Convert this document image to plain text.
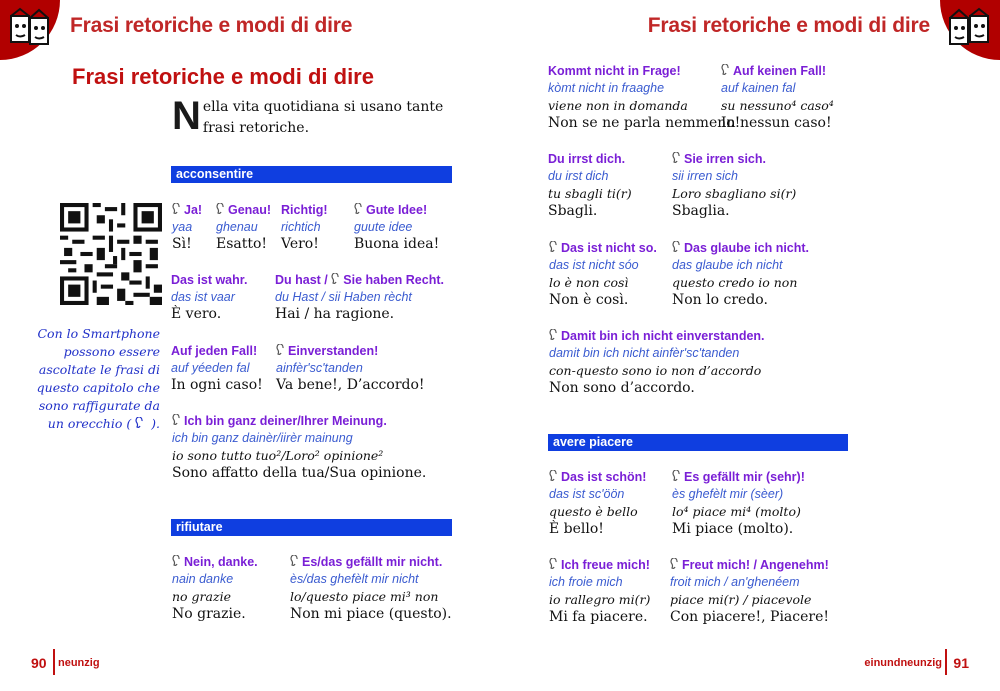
Frasi retoriche e modi di dire	Frasi retoriche e modi di dire
Frasi retoriche e modi di dire
Nella vita quotidiana si usano tante frasi retoriche.
acconsentire
Con lo Smartphone possono essere ascoltate le frasi di questo capitolo che sono raffigurate da un orecchio (  ).
Ja!
yaa
Sì!
Genau!
ghenau
Esatto!
Richtig!
richtich
Vero!
Gute Idee!
guute idee
Buona idea!
Das ist wahr.
das ist vaar
È vero.
Du hast / Sie haben Recht.
du Hast / sii Haben rècht
Hai / ha ragione.
Auf jeden Fall!
auf yéeden fal
In ogni caso!
Einverstanden!
ainfèr'sc'tanden
Va bene!, D’accordo!
Ich bin ganz deiner/Ihrer Meinung.
ich bin ganz dainèr/iirèr mainung
io sono tutto tuo²/Loro² opinione²
Sono affatto della tua/Sua opinione.
rifiutare
Nein, danke.
nain danke
no grazie
No grazie.
Es/das gefällt mir nicht.
ès/das ghefèlt mir nicht
lo/questo piace mi³ non
Non mi piace (questo).
90 neunzig
Kommt nicht in Frage!
kòmt nicht in fraaghe
viene non in domanda
Non se ne parla nemmeno!
Auf keinen Fall!
auf kainen fal
su nessuno⁴ caso⁴
In nessun caso!
Du irrst dich.
du irst dich
tu sbagli ti(r)
Sbagli.
Sie irren sich.
sii irren sich
Loro sbagliano si(r)
Sbaglia.
Das ist nicht so.
das ist nicht sóo
lo è non così
Non è così.
Das glaube ich nicht.
das glaube ich nicht
questo credo io non
Non lo credo.
Damit bin ich nicht einverstanden.
damit bin ich nicht ainfèr'sc'tanden
con-questo sono io non d’accordo
Non sono d’accordo.
avere piacere
Das ist schön!
das ist sc'öön
questo è bello
È bello!
Es gefällt mir (sehr)!
ès ghefèlt mir (sèer)
lo⁴ piace mi⁴ (molto)
Mi piace (molto).
Ich freue mich!
ich froie mich
io rallegro mi(r)
Mi fa piacere.
Freut mich! / Angenehm!
froit mich / an'ghenéem
piace mi(r) / piacevole
Con piacere!, Piacere!
einundneunzig 91
